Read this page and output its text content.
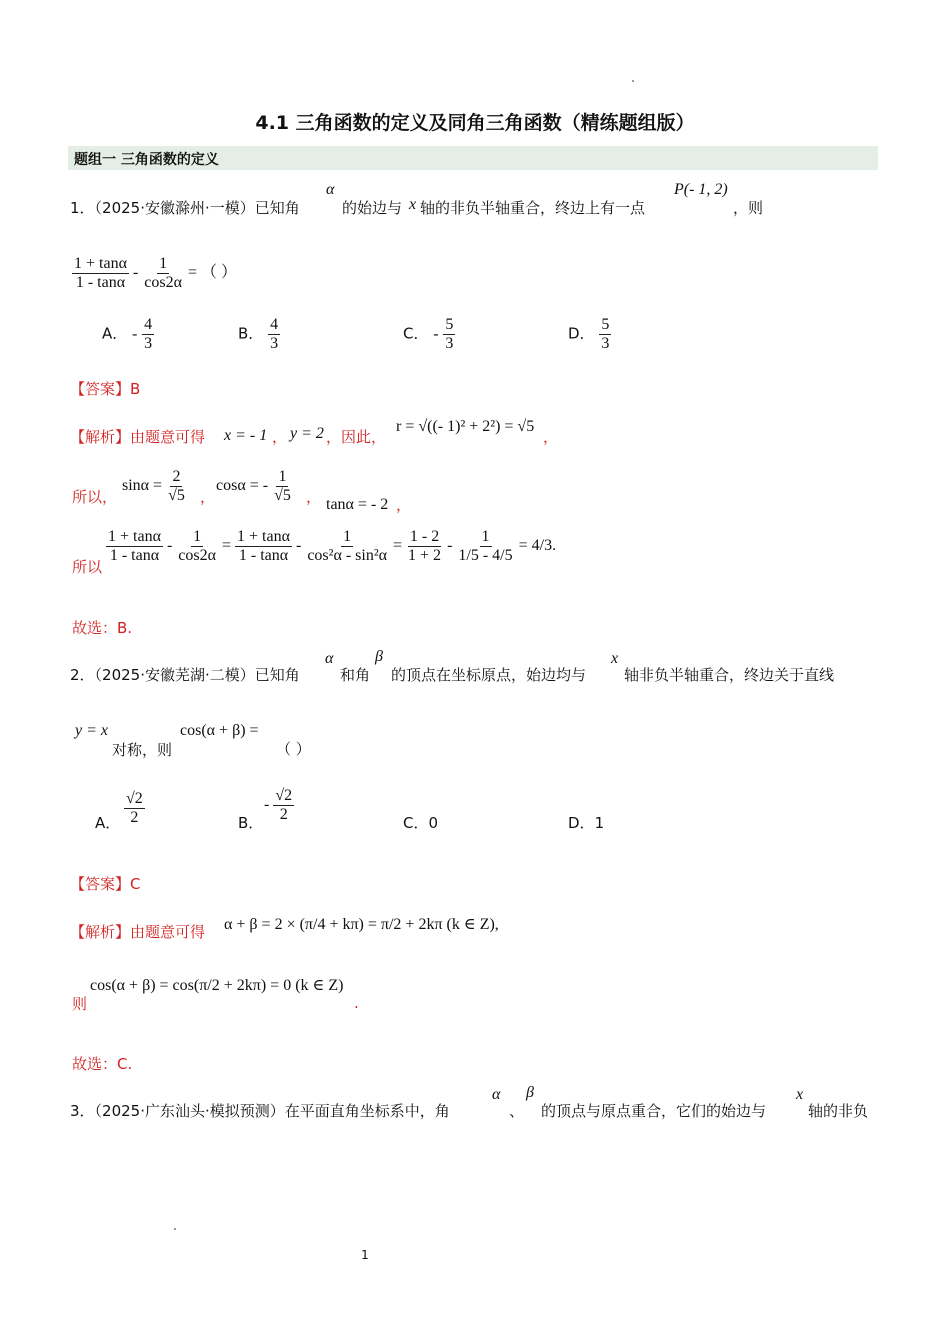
4.1 三角函数的定义及同角三角函数（精练题组版）
题组一 三角函数的定义
1．（2025·安徽滁州·一模）已知角
α
的始边与 x 轴的非负半轴重合，终边上有一点
P(- 1, 2)
，则
$\frac{1 + \tan\alpha}{1 - \tan\alpha} - \frac{1}{\cos 2\alpha}$ = （ ）
A． - $\frac{4}{3}$	B． $\frac{4}{3}$	C． - $\frac{5}{3}$	D． $\frac{5}{3}$
【答案】B
【解析】由题意可得 x = - 1 ， y = 2 ，因此，
r = √((- 1)² + 2²) = √5
，
所以，
$\sin\alpha = \frac{2}{√5}$ ，
cosα = - $\frac{1}{√5}$ ， tanα = - 2 ，
所以
$\frac{1 + \tan\alpha}{1 - \tan\alpha} - \frac{1}{\cos 2\alpha} = \frac{1 + \tan\alpha}{1 - \tan\alpha} - \frac{1}{\text{cos²α - sin²α}} = \frac{1 - 2}{1 + 2} - \frac{1}{1/5 - 4/5} = 4/3$.
故选：B.
2．（2025·安徽芜湖·二模）已知角
α
和角
β
的顶点在坐标原点，始边均与
x
轴非负半轴重合，终边关于直线
y = x
对称，则
cos(α + β) =
（ ）
A． $\frac{√2}{2}$	B．
- $\frac{√2}{2}$	C．0	D．1
【答案】C
【解析】由题意可得 α + β = 2 × (π/4 + kπ) = π/2 + 2kπ (k ∈ Z),
则
cos(α + β) = cos(π/2 + 2kπ) = 0 (k ∈ Z)
.
故选：C.
3．（2025·广东汕头·模拟预测）在平面直角坐标系中，角
α
、
β
的顶点与原点重合，它们的始边与
x
轴的非负
1
